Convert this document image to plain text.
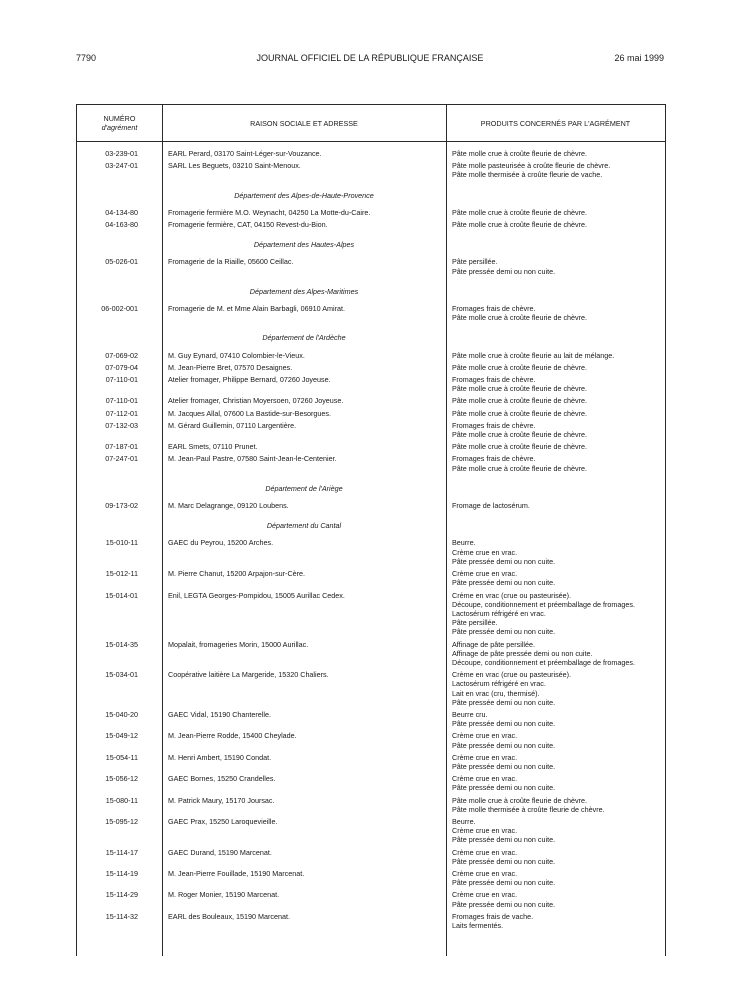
7790	JOURNAL OFFICIEL DE LA RÉPUBLIQUE FRANÇAISE	26 mai 1999
NUMÉRO
d'agrément	RAISON SOCIALE ET ADRESSE	PRODUITS CONCERNÉS PAR L'AGRÉMENT
03-239-01	EARL Perard, 03170 Saint-Léger-sur-Vouzance.	Pâte molle crue à croûte fleurie de chèvre.
03-247-01	SARL Les Beguets, 03210 Saint-Menoux.	Pâte molle pasteurisée à croûte fleurie de chèvre.
Pâte molle thermisée à croûte fleurie de vache.
Département des Alpes-de-Haute-Provence
04-134-80	Fromagerie fermière M.O. Weynacht, 04250 La Motte-du-Caire.	Pâte molle crue à croûte fleurie de chèvre.
04-163-80	Fromagerie fermière, CAT, 04150 Revest-du-Bion.	Pâte molle crue à croûte fleurie de chèvre.
Département des Hautes-Alpes
05-026-01	Fromagerie de la Riaille, 05600 Ceillac.	Pâte persillée.
Pâte pressée demi ou non cuite.
Département des Alpes-Maritimes
06-002-001	Fromagerie de M. et Mme Alain Barbagli, 06910 Amirat.	Fromages frais de chèvre.
Pâte molle crue à croûte fleurie de chèvre.
Département de l'Ardèche
07-069-02	M. Guy Eynard, 07410 Colombier-le-Vieux.	Pâte molle crue à croûte fleurie au lait de mélange.
07-079-04	M. Jean-Pierre Bret, 07570 Desaignes.	Pâte molle crue à croûte fleurie de chèvre.
07-110-01	Atelier fromager, Philippe Bernard, 07260 Joyeuse.	Fromages frais de chèvre.
Pâte molle crue à croûte fleurie de chèvre.
07-110-01	Atelier fromager, Christian Moyersoen, 07260 Joyeuse.	Pâte molle crue à croûte fleurie de chèvre.
07-112-01	M. Jacques Allal, 07600 La Bastide-sur-Besorgues.	Pâte molle crue à croûte fleurie de chèvre.
07-132-03	M. Gérard Guillemin, 07110 Largentière.	Fromages frais de chèvre.
Pâte molle crue à croûte fleurie de chèvre.
07-187-01	EARL Smets, 07110 Prunet.	Pâte molle crue à croûte fleurie de chèvre.
07-247-01	M. Jean-Paul Pastre, 07580 Saint-Jean-le-Centenier.	Fromages frais de chèvre.
Pâte molle crue à croûte fleurie de chèvre.
Département de l'Ariège
09-173-02	M. Marc Delagrange, 09120 Loubens.	Fromage de lactosérum.
Département du Cantal
15-010-11	GAEC du Peyrou, 15200 Arches.	Beurre.
Crème crue en vrac.
Pâte pressée demi ou non cuite.
15-012-11	M. Pierre Chanut, 15200 Arpajon-sur-Cère.	Crème crue en vrac.
Pâte pressée demi ou non cuite.
15-014-01	Enil, LEGTA Georges-Pompidou, 15005 Aurillac Cedex.	Crème en vrac (crue ou pasteurisée).
Découpe, conditionnement et préemballage de fromages.
Lactosérum réfrigéré en vrac.
Pâte persillée.
Pâte pressée demi ou non cuite.
15-014-35	Mopalait, fromageries Morin, 15000 Aurillac.	Affinage de pâte persillée.
Affinage de pâte pressée demi ou non cuite.
Découpe, conditionnement et préemballage de fromages.
15-034-01	Coopérative laitière La Margeride, 15320 Chaliers.	Crème en vrac (crue ou pasteurisée).
Lactosérum réfrigéré en vrac.
Lait en vrac (cru, thermisé).
Pâte pressée demi ou non cuite.
15-040-20	GAEC Vidal, 15190 Chanterelle.	Beurre cru.
Pâte pressée demi ou non cuite.
15-049-12	M. Jean-Pierre Rodde, 15400 Cheylade.	Crème crue en vrac.
Pâte pressée demi ou non cuite.
15-054-11	M. Henri Ambert, 15190 Condat.	Crème crue en vrac.
Pâte pressée demi ou non cuite.
15-056-12	GAEC Bornes, 15250 Crandelles.	Crème crue en vrac.
Pâte pressée demi ou non cuite.
15-080-11	M. Patrick Maury, 15170 Joursac.	Pâte molle crue à croûte fleurie de chèvre.
Pâte molle thermisée à croûte fleurie de chèvre.
15-095-12	GAEC Prax, 15250 Laroquevieille.	Beurre.
Crème crue en vrac.
Pâte pressée demi ou non cuite.
15-114-17	GAEC Durand, 15190 Marcenat.	Crème crue en vrac.
Pâte pressée demi ou non cuite.
15-114-19	M. Jean-Pierre Fouillade, 15190 Marcenat.	Crème crue en vrac.
Pâte pressée demi ou non cuite.
15-114-29	M. Roger Monier, 15190 Marcenat.	Crème crue en vrac.
Pâte pressée demi ou non cuite.
15-114-32	EARL des Bouleaux, 15190 Marcenat.	Fromages frais de vache.
Laits fermentés.
